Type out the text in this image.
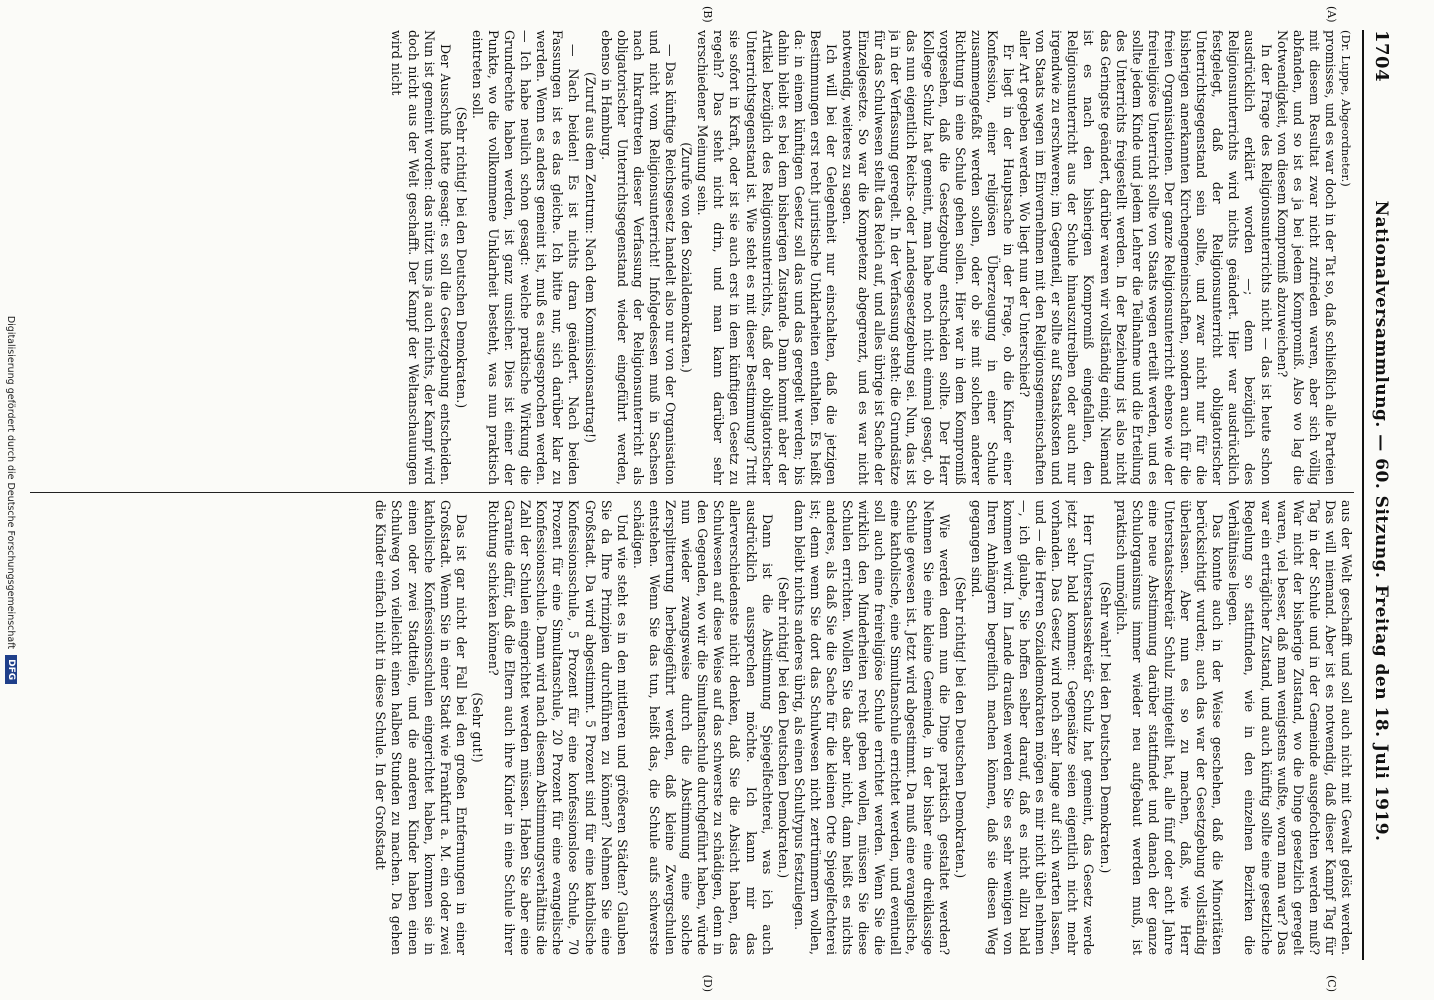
1704
Nationalversammlung. — 60. Sitzung. Freitag den 18. Juli 1919.
(A)
(B)
(C)
(D)

(Dr. Luppe, Abgeordneter.)

promisses, und es war doch in der Tat so, daß schließlich alle Parteien mit diesem Resultat zwar nicht zufrieden waren, aber sich völlig abfanden, und so ist es ja bei jedem Kompromiß. Also wo lag die Notwendigkeit, von diesem Kompromiß abzuweichen?

In der Frage des Religionsunterrichts nicht — das ist heute schon ausdrücklich erklärt worden —; denn bezüglich des Religionsunterrichts wird nichts geändert. Hier war ausdrücklich festgelegt, daß der Religionsunterricht obligatorischer Unterrichtsgegenstand sein sollte, und zwar nicht nur für die bisherigen anerkannten Kirchengemeinschaften, sondern auch für die freien Organisationen. Der ganze Religionsunterricht ebenso wie der freireligiöse Unterricht sollte von Staats wegen erteilt werden, und es sollte jedem Kinde und jedem Lehrer die Teilnahme und die Erteilung des Unterrichts freigestellt werden. In der Beziehung ist also nicht das Geringste geändert, darüber waren wir vollständig einig. Niemand ist es nach den bisherigen Kompromiß eingefallen, den Religionsunterricht aus der Schule hinauszutreiben oder auch nur irgendwie zu erschweren; im Gegenteil, er sollte auf Staatskosten und von Staats wegen im Einvernehmen mit den Religionsgemeinschaften aller Art gegeben werden. Wo liegt nun der Unterschied?

Er liegt in der Hauptsache in der Frage, ob die Kinder einer Konfession, einer religiösen Überzeugung in einer Schule zusammengefaßt werden sollen, oder ob sie mit solchen anderer Richtung in eine Schule gehen sollen. Hier war in dem Kompromiß vorgesehen, daß die Gesetzgebung entscheiden sollte. Der Herr Kollege Schulz hat gemeint, man habe noch nicht einmal gesagt, ob das nun eigentlich Reichs- oder Landesgesetzgebung sei. Nun, das ist ja in der Verfassung geregelt. In der Verfassung steht: die Grundsätze für das Schulwesen stellt das Reich auf, und alles übrige ist Sache der Einzelgesetze. So war die Kompetenz abgegrenzt, und es war nicht notwendig, weiteres zu sagen.

Ich will bei der Gelegenheit nur einschalten, daß die jetzigen Bestimmungen erst recht juristische Unklarheiten enthalten. Es heißt da: in einem künftigen Gesetz soll das und das geregelt werden; bis dahin bleibt es bei dem bisherigen Zustande. Dann kommt aber der Artikel bezüglich des Religionsunterrichts, daß der obligatorischer Unterrichtsgegenstand ist. Wie steht es mit dieser Bestimmung? Tritt sie sofort in Kraft, oder ist sie auch erst in dem künftigen Gesetz zu regeln? Das steht nicht drin, und man kann darüber sehr verschiedener Meinung sein.

(Zurufe von den Sozialdemokraten.)

— Das künftige Reichsgesetz handelt also nur von der Organisation und nicht vom Religionsunterricht! Infolgedessen muß in Sachsen nach Inkrafttreten dieser Verfassung der Religionsunterricht als obligatorischer Unterrichtsgegenstand wieder eingeführt werden, ebenso in Hamburg.

(Zuruf aus dem Zentrum: Nach dem Kommissionsantrag!)

— Nach beiden! Es ist nichts dran geändert. Nach beiden Fassungen ist es das gleiche. Ich bitte nur, sich darüber klar zu werden. Wenn es anders gemeint ist, muß es ausgesprochen werden. — Ich habe neulich schon gesagt: welche praktische Wirkung die Grundrechte haben werden, ist ganz unsicher. Dies ist einer der Punkte, wo die vollkommene Unklarheit besteht, was nun praktisch eintreten soll.

(Sehr richtig! bei den Deutschen Demokraten.)

Der Ausschuß hatte gesagt: es soll die Gesetzgebung entscheiden. Nun ist gemeint worden: das nützt uns ja auch nichts, der Kampf wird doch nicht aus der Welt geschafft. Der Kampf der Weltanschauungen wird nicht

aus der Welt geschafft und soll auch nicht mit Gewalt gelöst werden. Das will niemand. Aber ist es notwendig, daß dieser Kampf Tag für Tag in der Schule und in der Gemeinde ausgefochten werden muß? War nicht der bisherige Zustand, wo die Dinge gesetzlich geregelt waren, viel besser, daß man wenigstens wußte, woran man war? Das war ein erträglicher Zustand, und auch künftig sollte eine gesetzliche Regelung so stattfinden, wie in den einzelnen Bezirken die Verhältnisse liegen.

Das konnte auch in der Weise geschehen, daß die Minoritäten berücksichtigt wurden; auch das war der Gesetzgebung vollständig überlassen. Aber nun es so zu machen, daß, wie Herr Unterstaatssekretär Schulz mitgeteilt hat, alle fünf oder acht Jahre eine neue Abstimmung darüber stattfindet und danach der ganze Schulorganismus immer wieder neu aufgebaut werden muß, ist praktisch unmöglich.

(Sehr wahr! bei den Deutschen Demokraten.)

Herr Unterstaatssekretär Schulz hat gemeint, das Gesetz werde jetzt sehr bald kommen: Gegensätze seien eigentlich nicht mehr vorhanden. Das Gesetz wird noch sehr lange auf sich warten lassen, und — die Herren Sozialdemokraten mögen es mir nicht übel nehmen —, ich glaube, Sie hoffen selber darauf, daß es nicht allzu bald kommen wird. Im Lande draußen werden Sie es sehr wenigen von Ihren Anhängern begreiflich machen können, daß sie diesen Weg gegangen sind.

(Sehr richtig! bei den Deutschen Demokraten.)

Wie werden denn nun die Dinge praktisch gestaltet werden? Nehmen Sie eine kleine Gemeinde, in der bisher eine dreiklassige Schule gewesen ist. Jetzt wird abgestimmt. Da muß eine evangelische, eine katholische, eine Simultanschule errichtet werden, und eventuell soll auch eine freireligiöse Schule errichtet werden. Wenn Sie die wirklich den Minderheiten recht geben wollen, müssen Sie diese Schulen errichten. Wollen Sie das aber nicht, dann heißt es nichts anderes, als daß Sie die Sache für die kleinen Orte Spiegelfechterei ist; denn wenn Sie dort das Schulwesen nicht zertrümmern wollen, dann bleibt nichts anderes übrig, als einen Schultypus festzulegen.

(Sehr richtig! bei den Deutschen Demokraten.)

Dann ist die Abstimmung Spiegelfechterei, was ich auch ausdrücklich aussprechen möchte. Ich kann mir das allerverschiedenste nicht denken, daß Sie die Absicht haben, das Schulwesen auf diese Weise auf das schwerste zu schädigen, denn in den Gegenden, wo wir die Simultanschule durchgeführt haben, würde nun wieder zwangsweise durch die Abstimmung eine solche Zersplitterung herbeigeführt werden, daß kleine Zwergschulen entstehen. Wenn Sie das tun, heißt das, die Schule aufs schwerste schädigen.

Und wie steht es in den mittleren und größeren Städten? Glauben Sie da Ihre Prinzipien durchführen zu können? Nehmen Sie eine Großstadt. Da wird abgestimmt. 5 Prozent sind für eine katholische Konfessionsschule, 5 Prozent für eine konfessionslose Schule, 70 Prozent für eine Simultanschule, 20 Prozent für eine evangelische Konfessionsschule. Dann wird nach diesem Abstimmungsverhältnis die Zahl der Schulen eingerichtet werden müssen. Haben Sie aber eine Garantie dafür, daß die Eltern auch ihre Kinder in eine Schule ihrer Richtung schicken können?

(Sehr gut!)

Das ist gar nicht der Fall bei den großen Entfernungen in einer Großstadt. Wenn Sie in einer Stadt wie Frankfurt a. M. ein oder zwei katholische Konfessionsschulen eingerichtet haben, kommen sie in einen oder zwei Stadtteile, und die anderen Kinder haben einen Schulweg von vielleicht einen halben Stunden zu machen. Da gehen die Kinder einfach nicht in diese Schule. In der Großstadt

Digitalisierung gefördert durch die Deutsche Forschungsgemeinschaft
DFG
